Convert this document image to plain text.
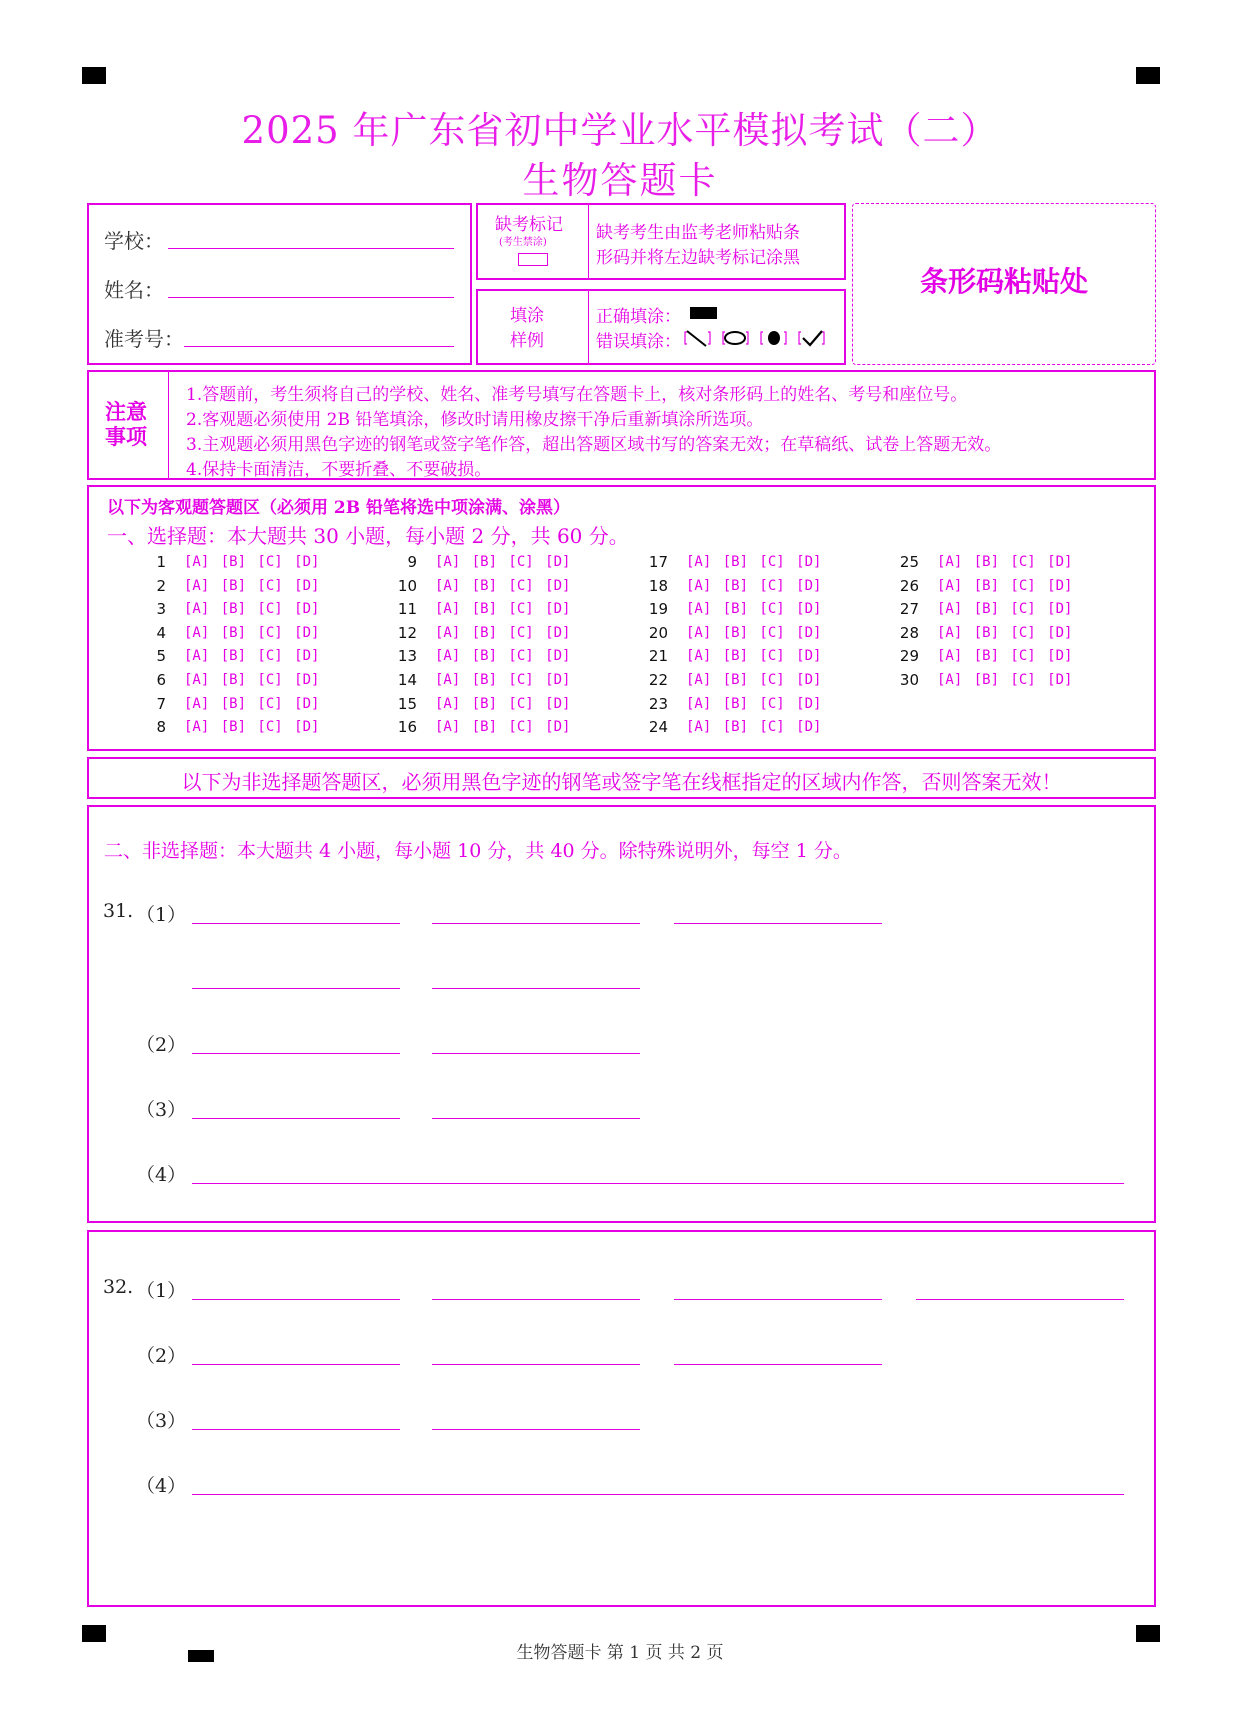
2025 年广东省初中学业水平模拟考试（二）
生物答题卡
学校：
姓名：
准考号：
缺考标记
(考生禁涂)	缺考考生由监考老师粘贴条
形码并将左边缺考标记涂黑
填涂
样例
正确填涂：
错误填涂：
条形码粘贴处
注意
事项
1.答题前，考生须将自己的学校、姓名、准考号填写在答题卡上，核对条形码上的姓名、考号和座位号。
2.客观题必须使用 2B 铅笔填涂，修改时请用橡皮擦干净后重新填涂所选项。
3.主观题必须用黑色字迹的钢笔或签字笔作答，超出答题区域书写的答案无效；在草稿纸、试卷上答题无效。
4.保持卡面清洁，不要折叠、不要破损。
以下为客观题答题区（必须用 2B 铅笔将选中项涂满、涂黑）
一、选择题：本大题共 30 小题，每小题 2 分，共 60 分。
1 [A] [B] [C] [D]
2 [A] [B] [C] [D]
3 [A] [B] [C] [D]
4 [A] [B] [C] [D]
5 [A] [B] [C] [D]
6 [A] [B] [C] [D]
7 [A] [B] [C] [D]
8 [A] [B] [C] [D]
9 [A] [B] [C] [D]
10 [A] [B] [C] [D]
11 [A] [B] [C] [D]
12 [A] [B] [C] [D]
13 [A] [B] [C] [D]
14 [A] [B] [C] [D]
15 [A] [B] [C] [D]
16 [A] [B] [C] [D]
17 [A] [B] [C] [D]
18 [A] [B] [C] [D]
19 [A] [B] [C] [D]
20 [A] [B] [C] [D]
21 [A] [B] [C] [D]
22 [A] [B] [C] [D]
23 [A] [B] [C] [D]
24 [A] [B] [C] [D]
25 [A] [B] [C] [D]
26 [A] [B] [C] [D]
27 [A] [B] [C] [D]
28 [A] [B] [C] [D]
29 [A] [B] [C] [D]
30 [A] [B] [C] [D]
以下为非选择题答题区，必须用黑色字迹的钢笔或签字笔在线框指定的区域内作答，否则答案无效！
二、非选择题：本大题共 4 小题，每小题 10 分，共 40 分。除特殊说明外，每空 1 分。
31. （1）
（2）
（3）
（4）
32. （1）
（2）
（3）
（4）
生物答题卡 第 1 页 共 2 页
